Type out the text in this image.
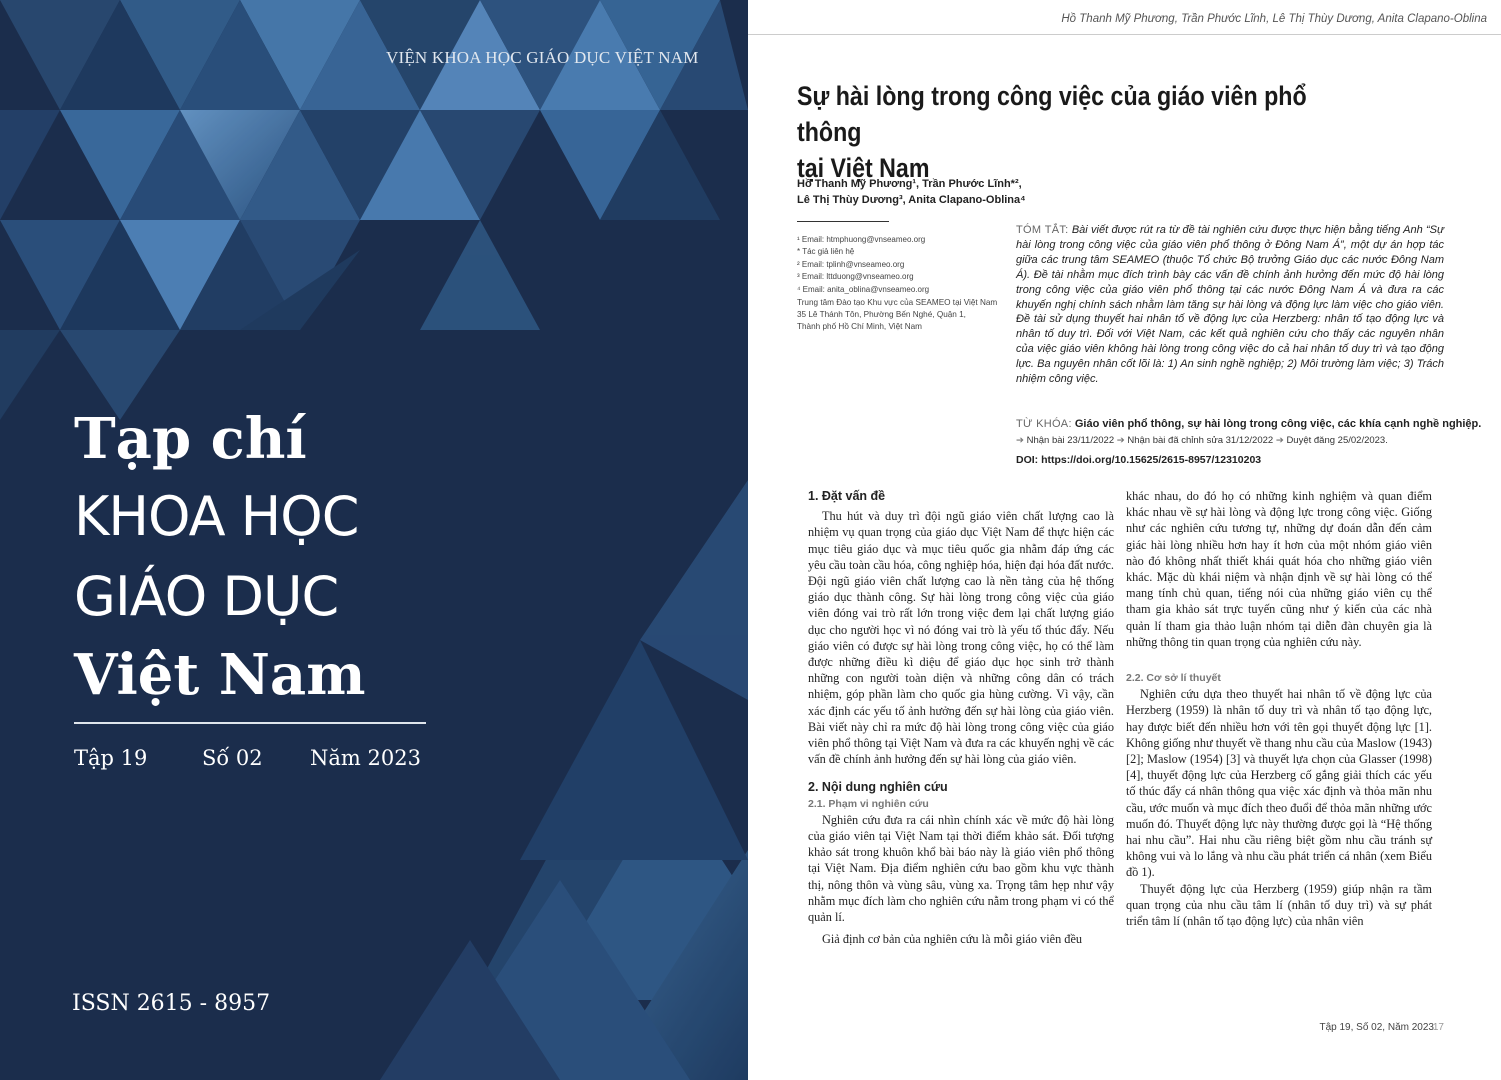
VIỆN KHOA HỌC GIÁO DỤC VIỆT NAM
Tạp chí
KHOA HỌC
GIÁO DỤC
Việt Nam
Tập 19	Số 02 Năm 2023
ISSN 2615 - 8957
Hồ Thanh Mỹ Phương, Trần Phước Lĩnh, Lê Thị Thùy Dương, Anita Clapano-Oblina
Sự hài lòng trong công việc của giáo viên phổ thông
tại Việt Nam
Hồ Thanh Mỹ Phương¹, Trần Phước Lĩnh*²,
Lê Thị Thùy Dương³, Anita Clapano-Oblina⁴
¹ Email: htmphuong@vnseameo.org
* Tác giả liên hệ
² Email: tplinh@vnseameo.org
³ Email: lttduong@vnseameo.org
⁴ Email: anita_oblina@vnseameo.org
Trung tâm Đào tạo Khu vực của SEAMEO tại Việt Nam
35 Lê Thánh Tôn, Phường Bến Nghé, Quận 1,
Thành phố Hồ Chí Minh, Việt Nam
TÓM TẮT: Bài viết được rút ra từ đề tài nghiên cứu được thực hiện bằng tiếng Anh “Sự hài lòng trong công việc của giáo viên phổ thông ở Đông Nam Á”, một dự án hợp tác giữa các trung tâm SEAMEO (thuộc Tổ chức Bộ trưởng Giáo dục các nước Đông Nam Á). Đề tài nhằm mục đích trình bày các vấn đề chính ảnh hưởng đến mức độ hài lòng trong công việc của giáo viên phổ thông tại các nước Đông Nam Á và đưa ra các khuyến nghị chính sách nhằm làm tăng sự hài lòng và động lực làm việc cho giáo viên. Đề tài sử dụng thuyết hai nhân tố về động lực của Herzberg: nhân tố tạo động lực và nhân tố duy trì. Đối với Việt Nam, các kết quả nghiên cứu cho thấy các nguyên nhân của việc giáo viên không hài lòng trong công việc do cả hai nhân tố duy trì và tạo động lực. Ba nguyên nhân cốt lõi là: 1) An sinh nghề nghiệp; 2) Môi trường làm việc; 3) Trách nhiệm công việc.
TỪ KHÓA: Giáo viên phổ thông, sự hài lòng trong công việc, các khía cạnh nghề nghiệp.
➔ Nhận bài 23/11/2022 ➔ Nhận bài đã chỉnh sửa 31/12/2022 ➔ Duyệt đăng 25/02/2023.
DOI: https://doi.org/10.15625/2615-8957/12310203
1. Đặt vấn đề

Thu hút và duy trì đội ngũ giáo viên chất lượng cao là nhiệm vụ quan trọng của giáo dục Việt Nam để thực hiện các mục tiêu giáo dục và mục tiêu quốc gia nhằm đáp ứng các yêu cầu toàn cầu hóa, công nghiệp hóa, hiện đại hóa đất nước. Đội ngũ giáo viên chất lượng cao là nền tảng của hệ thống giáo dục thành công. Sự hài lòng trong công việc của giáo viên đóng vai trò rất lớn trong việc đem lại chất lượng giáo dục cho người học vì nó đóng vai trò là yếu tố thúc đẩy. Nếu giáo viên có được sự hài lòng trong công việc, họ có thể làm được những điều kì diệu để giáo dục học sinh trở thành những con người toàn diện và những công dân có trách nhiệm, góp phần làm cho quốc gia hùng cường. Vì vậy, cần xác định các yếu tố ảnh hưởng đến sự hài lòng của giáo viên. Bài viết này chỉ ra mức độ hài lòng trong công việc của giáo viên phổ thông tại Việt Nam và đưa ra các khuyến nghị về các vấn đề chính ảnh hưởng đến sự hài lòng của giáo viên.

2. Nội dung nghiên cứu
2.1. Phạm vi nghiên cứu

Nghiên cứu đưa ra cái nhìn chính xác về mức độ hài lòng của giáo viên tại Việt Nam tại thời điểm khảo sát. Đối tượng khảo sát trong khuôn khổ bài báo này là giáo viên phổ thông tại Việt Nam. Địa điểm nghiên cứu bao gồm khu vực thành thị, nông thôn và vùng sâu, vùng xa. Trọng tâm hẹp như vậy nhằm mục đích làm cho nghiên cứu nằm trong phạm vi có thể quản lí.

Giả định cơ bản của nghiên cứu là mỗi giáo viên đều

khác nhau, do đó họ có những kinh nghiệm và quan điểm khác nhau về sự hài lòng và động lực trong công việc. Giống như các nghiên cứu tương tự, những dự đoán dẫn đến cảm giác hài lòng nhiều hơn hay ít hơn của một nhóm giáo viên nào đó không nhất thiết khái quát hóa cho những giáo viên khác. Mặc dù khái niệm và nhận định về sự hài lòng có thể mang tính chủ quan, tiếng nói của những giáo viên cụ thể tham gia khảo sát trực tuyến cũng như ý kiến của các nhà quản lí tham gia thảo luận nhóm tại diễn đàn chuyên gia là những thông tin quan trọng của nghiên cứu này.

2.2. Cơ sở lí thuyết

Nghiên cứu dựa theo thuyết hai nhân tố về động lực của Herzberg (1959) là nhân tố duy trì và nhân tố tạo động lực, hay được biết đến nhiều hơn với tên gọi thuyết động lực [1]. Không giống như thuyết về thang nhu cầu của Maslow (1943) [2]; Maslow (1954) [3] và thuyết lựa chọn của Glasser (1998) [4], thuyết động lực của Herzberg cố gắng giải thích các yếu tố thúc đẩy cá nhân thông qua việc xác định và thỏa mãn nhu cầu, ước muốn và mục đích theo đuổi để thỏa mãn những ước muốn đó. Thuyết động lực này thường được gọi là “Hệ thống hai nhu cầu”. Hai nhu cầu riêng biệt gồm nhu cầu tránh sự không vui và lo lắng và nhu cầu phát triển cá nhân (xem Biểu đồ 1).

Thuyết động lực của Herzberg (1959) giúp nhận ra tầm quan trọng của nhu cầu tâm lí (nhân tố duy trì) và sự phát triển tâm lí (nhân tố tạo động lực) của nhân viên

Tập 19, Số 02, Năm 2023
17
